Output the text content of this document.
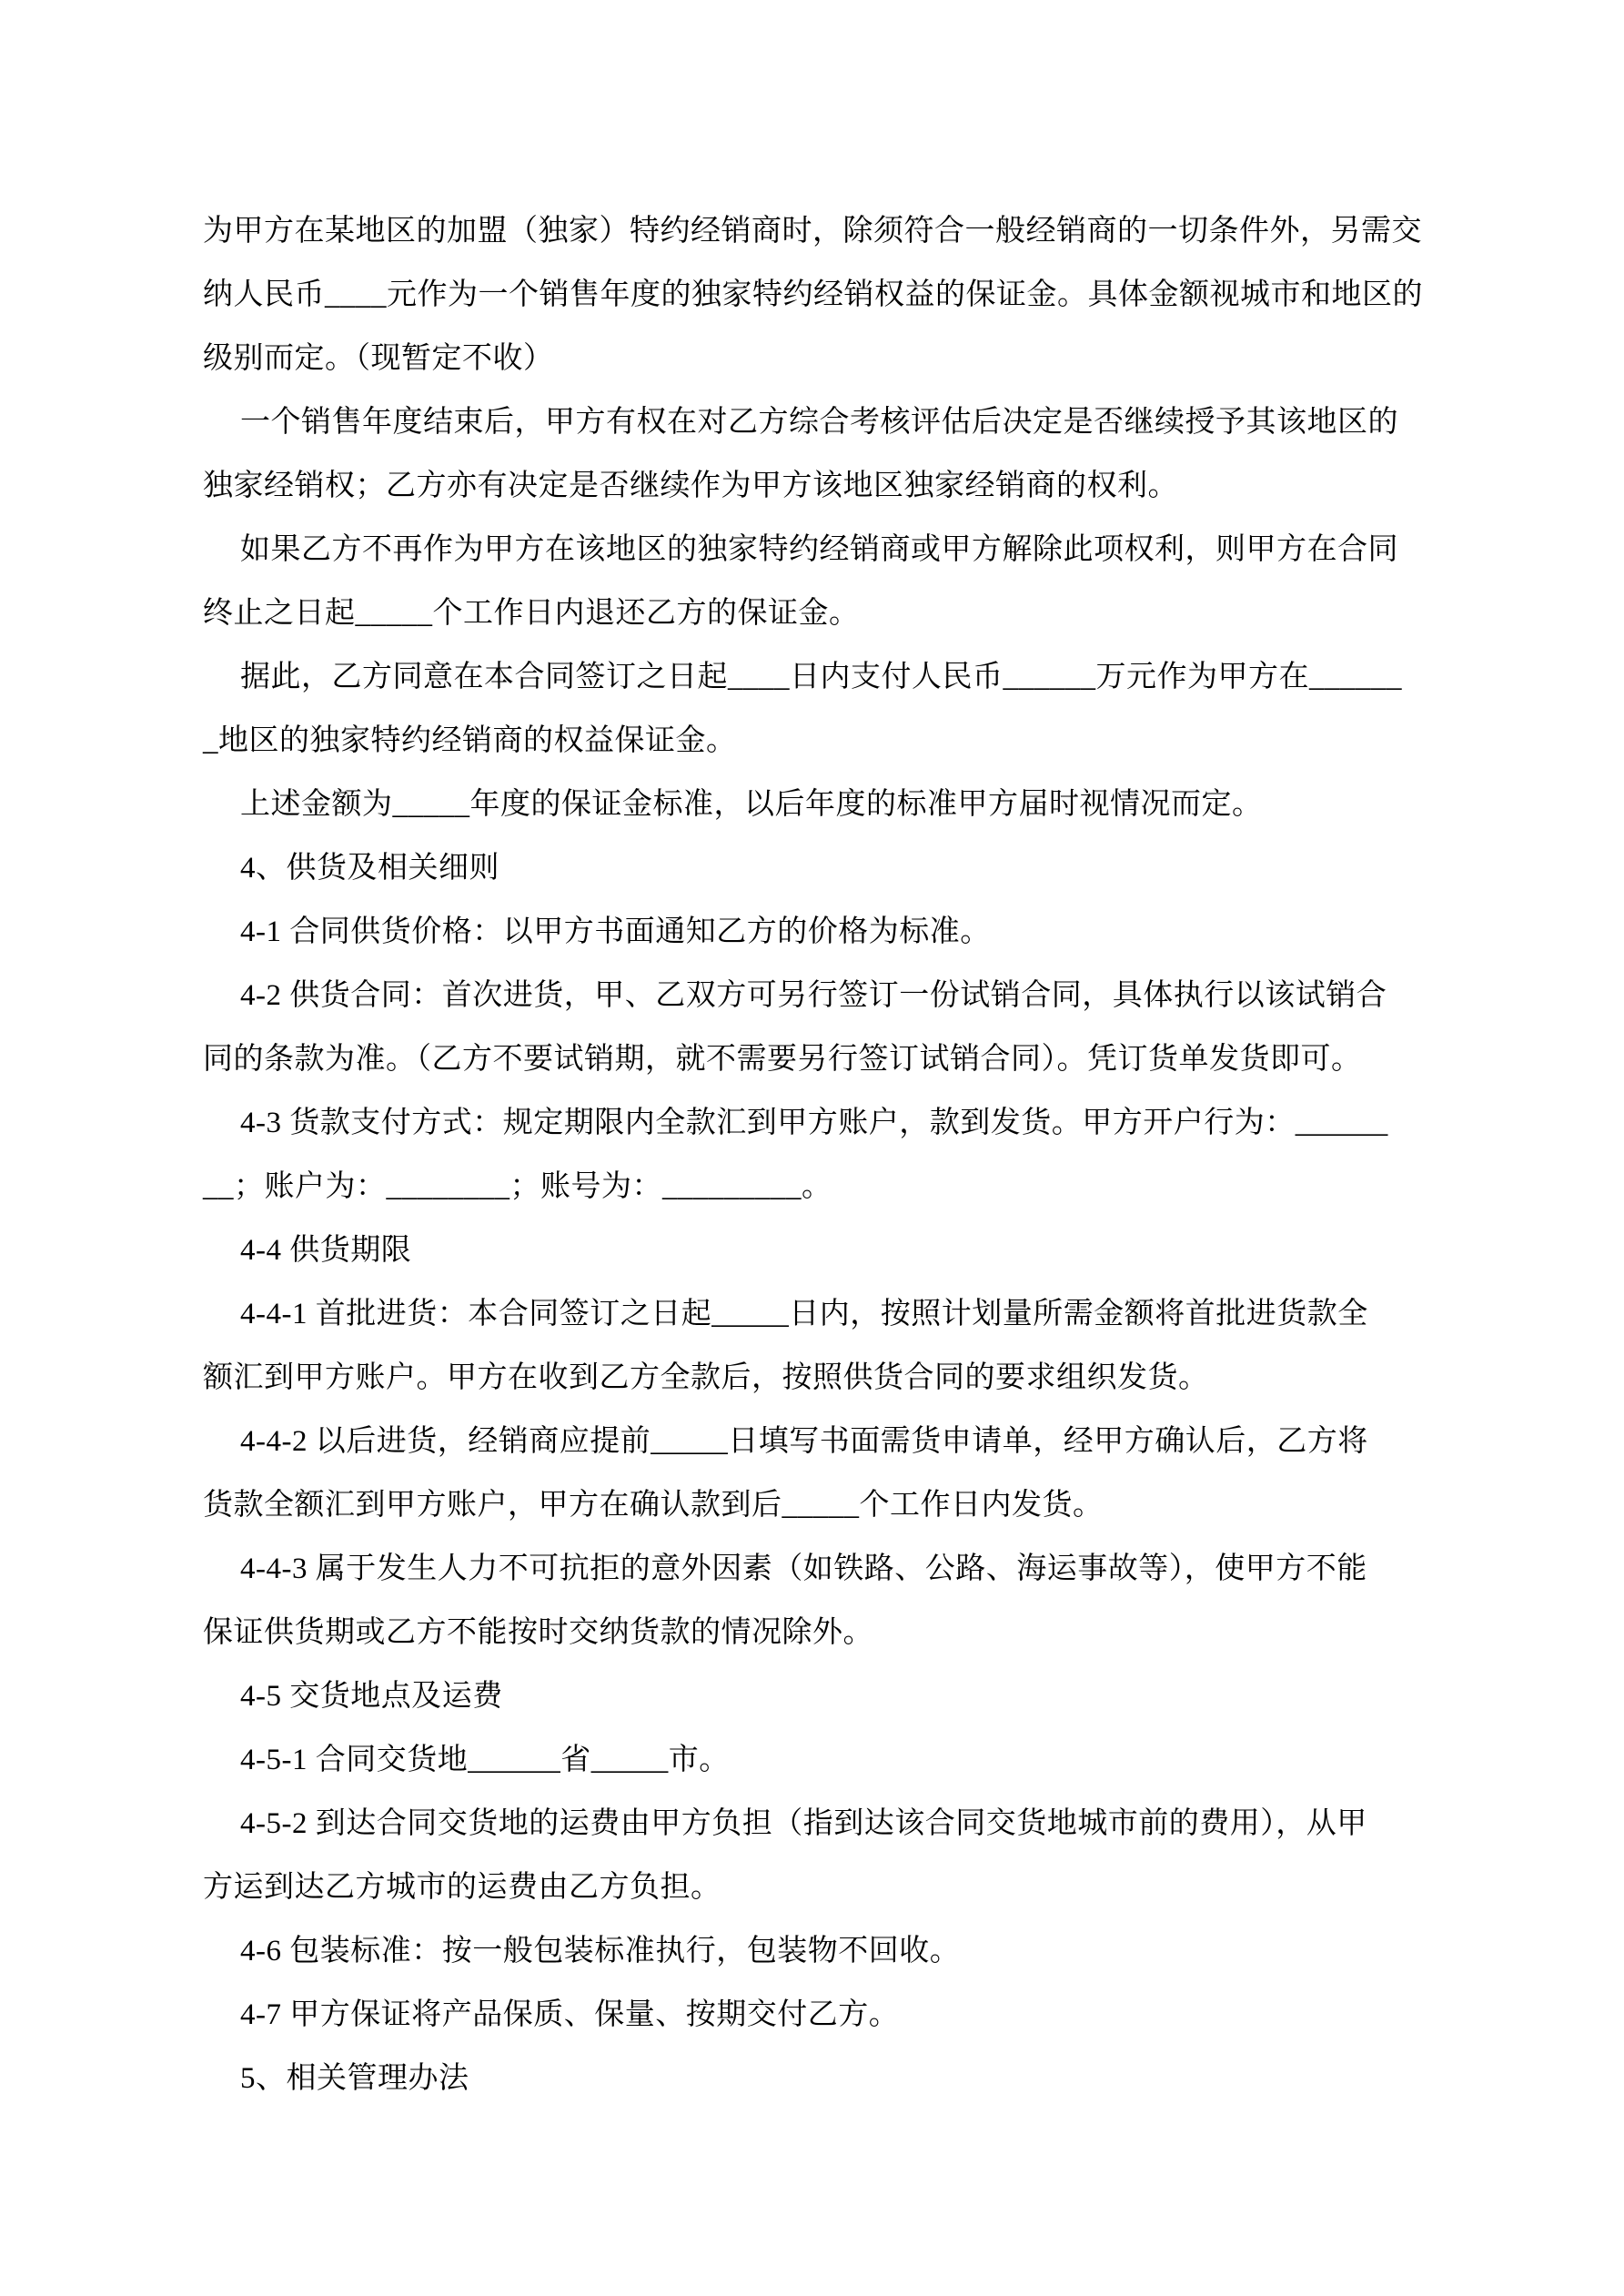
为甲方在某地区的加盟（独家）特约经销商时，除须符合一般经销商的一切条件外，另需交
纳人民币____元作为一个销售年度的独家特约经销权益的保证金。具体金额视城市和地区的
级别而定。（现暂定不收）
一个销售年度结束后，甲方有权在对乙方综合考核评估后决定是否继续授予其该地区的
独家经销权；乙方亦有决定是否继续作为甲方该地区独家经销商的权利。
如果乙方不再作为甲方在该地区的独家特约经销商或甲方解除此项权利，则甲方在合同
终止之日起_____个工作日内退还乙方的保证金。
据此，乙方同意在本合同签订之日起____日内支付人民币______万元作为甲方在______
_地区的独家特约经销商的权益保证金。
上述金额为_____年度的保证金标准，以后年度的标准甲方届时视情况而定。
4、供货及相关细则
4-1 合同供货价格：以甲方书面通知乙方的价格为标准。
4-2 供货合同：首次进货，甲、乙双方可另行签订一份试销合同，具体执行以该试销合
同的条款为准。（乙方不要试销期，就不需要另行签订试销合同）。凭订货单发货即可。
4-3 货款支付方式：规定期限内全款汇到甲方账户，款到发货。甲方开户行为：______
__；账户为：________；账号为：_________。
4-4 供货期限
4-4-1 首批进货：本合同签订之日起_____日内，按照计划量所需金额将首批进货款全
额汇到甲方账户。甲方在收到乙方全款后，按照供货合同的要求组织发货。
4-4-2 以后进货，经销商应提前_____日填写书面需货申请单，经甲方确认后，乙方将
货款全额汇到甲方账户，甲方在确认款到后_____个工作日内发货。
4-4-3 属于发生人力不可抗拒的意外因素（如铁路、公路、海运事故等），使甲方不能
保证供货期或乙方不能按时交纳货款的情况除外。
4-5 交货地点及运费
4-5-1 合同交货地______省_____市。
4-5-2 到达合同交货地的运费由甲方负担（指到达该合同交货地城市前的费用），从甲
方运到达乙方城市的运费由乙方负担。
4-6 包装标准：按一般包装标准执行，包装物不回收。
4-7 甲方保证将产品保质、保量、按期交付乙方。
5、相关管理办法
